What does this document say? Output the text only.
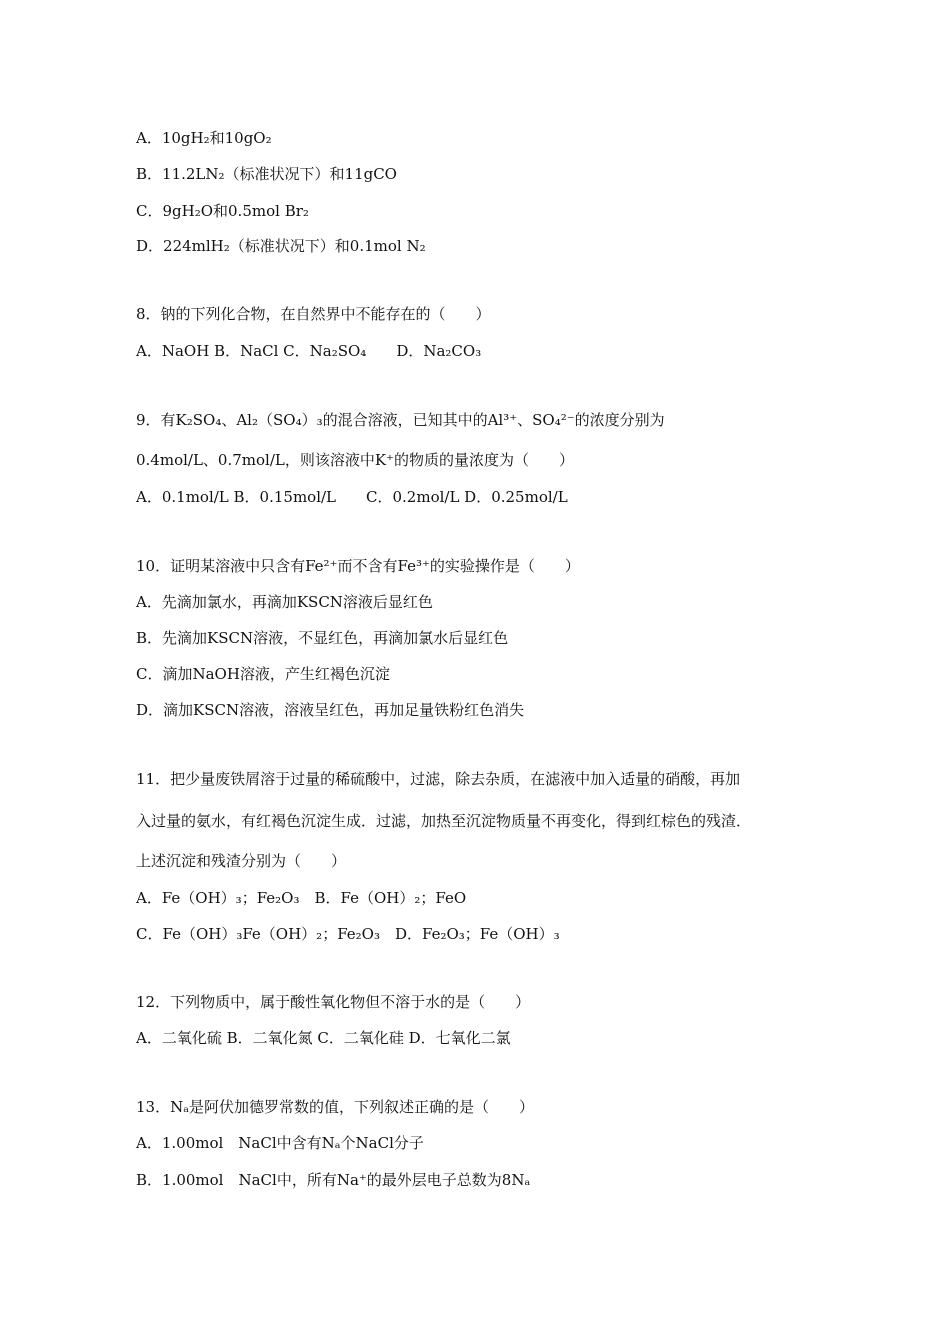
A．10gH₂和10gO₂
B．11.2LN₂（标准状况下）和11gCO
C．9gH₂O和0.5mol Br₂
D．224mlH₂（标准状况下）和0.1mol N₂
8．钠的下列化合物，在自然界中不能存在的（　　）
A．NaOH B．NaCl C．Na₂SO₄　　D．Na₂CO₃
9．有K₂SO₄、Al₂（SO₄）₃的混合溶液，已知其中的Al³⁺、SO₄²⁻的浓度分别为
0.4mol/L、0.7mol/L，则该溶液中K⁺的物质的量浓度为（　　）
A．0.1mol/L B．0.15mol/L　　C．0.2mol/L D．0.25mol/L
10．证明某溶液中只含有Fe²⁺而不含有Fe³⁺的实验操作是（　　）
A．先滴加氯水，再滴加KSCN溶液后显红色
B．先滴加KSCN溶液，不显红色，再滴加氯水后显红色
C．滴加NaOH溶液，产生红褐色沉淀
D．滴加KSCN溶液，溶液呈红色，再加足量铁粉红色消失
11．把少量废铁屑溶于过量的稀硫酸中，过滤，除去杂质，在滤液中加入适量的硝酸，再加
入过量的氨水，有红褐色沉淀生成．过滤，加热至沉淀物质量不再变化，得到红棕色的残渣．
上述沉淀和残渣分别为（　　）
A．Fe（OH）₃；Fe₂O₃　B．Fe（OH）₂；FeO
C．Fe（OH）₃Fe（OH）₂；Fe₂O₃　D．Fe₂O₃；Fe（OH）₃
12．下列物质中，属于酸性氧化物但不溶于水的是（　　）
A．二氧化硫 B．二氧化氮 C．二氧化硅 D．七氧化二氯
13．Nₐ是阿伏加德罗常数的值，下列叙述正确的是（　　）
A．1.00mol　NaCl中含有Nₐ个NaCl分子
B．1.00mol　NaCl中，所有Na⁺的最外层电子总数为8Nₐ
